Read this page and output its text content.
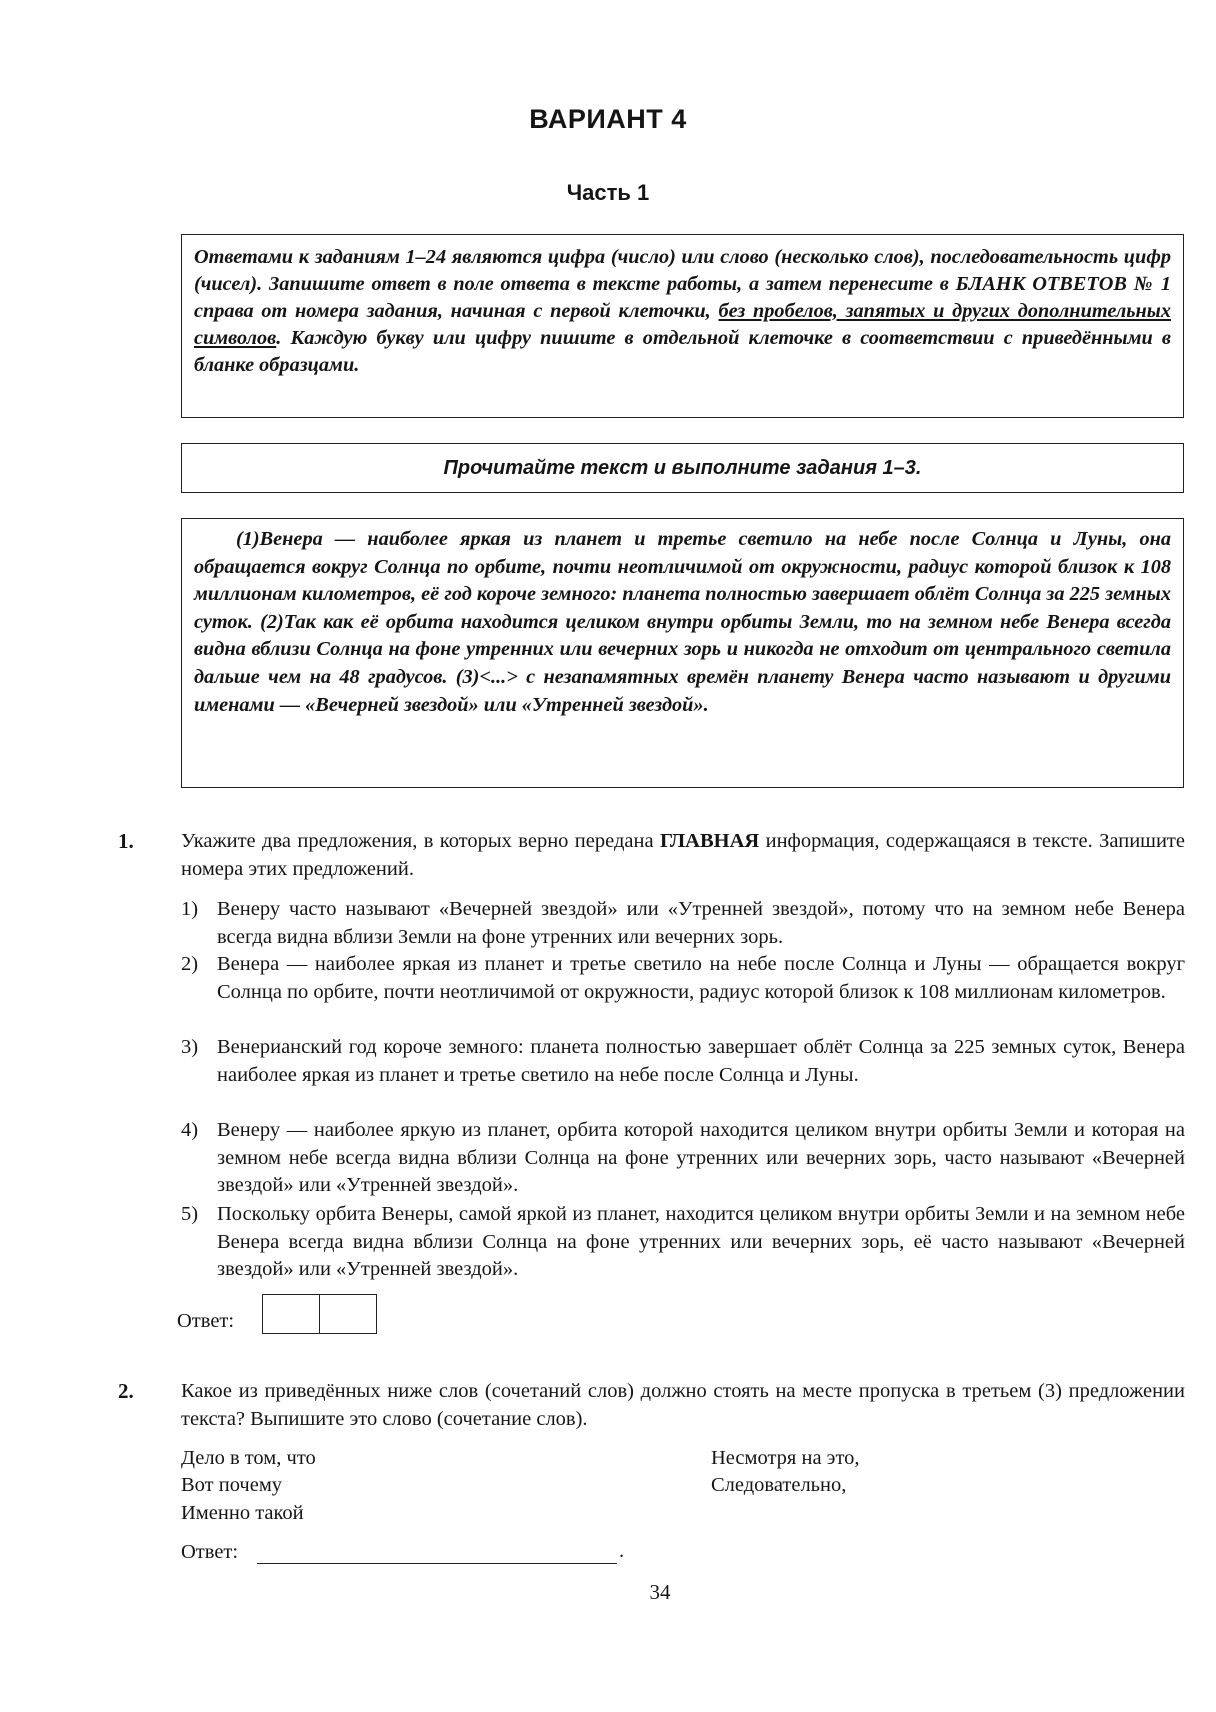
ВАРИАНТ 4
Часть 1

Ответами к заданиям 1–24 являются цифра (число) или слово (несколько слов), последовательность цифр (чисел). Запишите ответ в поле ответа в тексте работы, а затем перенесите в БЛАНК ОТВЕТОВ № 1 справа от номера задания, начиная с первой клеточки, без пробелов, запятых и других дополнительных символов. Каждую букву или цифру пишите в отдельной клеточке в соответствии с приведёнными в бланке образцами.

Прочитайте текст и выполните задания 1–3.

(1)Венера — наиболее яркая из планет и третье светило на небе после Солнца и Луны, она обращается вокруг Солнца по орбите, почти неотличимой от окружности, радиус которой близок к 108 миллионам километров, её год короче земного: планета полностью завершает облёт Солнца за 225 земных суток. (2)Так как её орбита находится целиком внутри орбиты Земли, то на земном небе Венера всегда видна вблизи Солнца на фоне утренних или вечерних зорь и никогда не отходит от центрального светила дальше чем на 48 градусов. (3)<...> с незапамятных времён планету Венера часто называют и другими именами — «Вечерней звездой» или «Утренней звездой».

1. Укажите два предложения, в которых верно передана ГЛАВНАЯ информация, содержащаяся в тексте. Запишите номера этих предложений.
1) Венеру часто называют «Вечерней звездой» или «Утренней звездой», потому что на земном небе Венера всегда видна вблизи Земли на фоне утренних или вечерних зорь.
2) Венера — наиболее яркая из планет и третье светило на небе после Солнца и Луны — обращается вокруг Солнца по орбите, почти неотличимой от окружности, радиус которой близок к 108 миллионам километров.
3) Венерианский год короче земного: планета полностью завершает облёт Солнца за 225 земных суток, Венера наиболее яркая из планет и третье светило на небе после Солнца и Луны.
4) Венеру — наиболее яркую из планет, орбита которой находится целиком внутри орбиты Земли и которая на земном небе всегда видна вблизи Солнца на фоне утренних или вечерних зорь, часто называют «Вечерней звездой» или «Утренней звездой».
5) Поскольку орбита Венеры, самой яркой из планет, находится целиком внутри орбиты Земли и на земном небе Венера всегда видна вблизи Солнца на фоне утренних или вечерних зорь, её часто называют «Вечерней звездой» или «Утренней звездой».
Ответ:
2. Какое из приведённых ниже слов (сочетаний слов) должно стоять на месте пропуска в третьем (3) предложении текста? Выпишите это слово (сочетание слов).
Дело в том, что
Вот почему
Именно такой
Несмотря на это,
Следовательно,
Ответ:	.
34
